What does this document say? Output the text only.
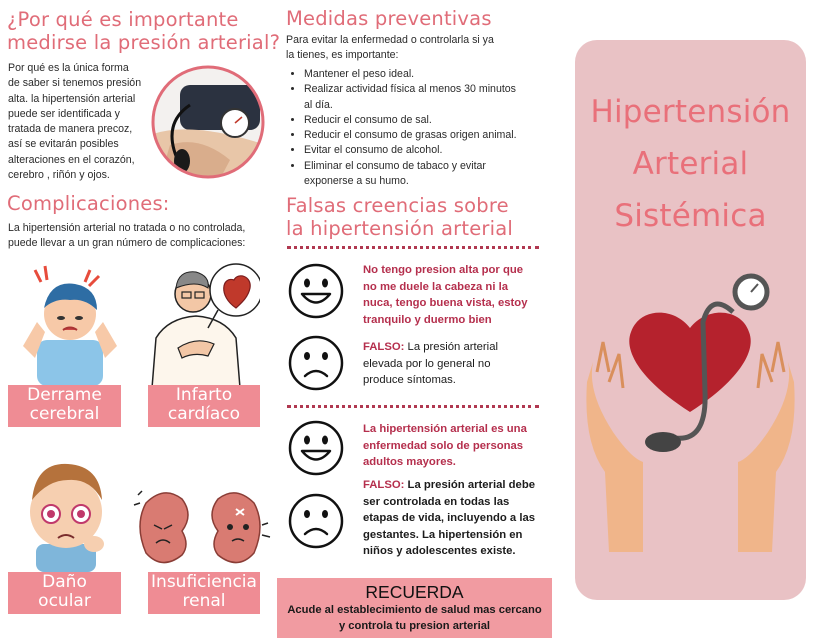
¿Por qué es importante
medirse la presión arterial?
Por qué es la única forma
de saber si tenemos presión
alta. la hipertensión arterial
puede ser identificada y
tratada de manera precoz,
así se evitarán posibles
alteraciones en el corazón,
cerebro , riñón y ojos.
Complicaciones:
La hipertensión arterial no tratada o no controlada,
puede llevar a un gran número de complicaciones:
Derrame
cerebral
Infarto
cardíaco
Daño
ocular
Insuficiencia
renal
Medidas preventivas
Para evitar la enfermedad o controlarla si ya
la tienes, es importante:
• Mantener el peso ideal.
• Realizar actividad física al menos 30 minutos
al día.
• Reducir el consumo de sal.
• Reducir el consumo de grasas origen animal.
• Evitar el consumo de alcohol.
• Eliminar el consumo de tabaco y evitar
exponerse a su humo.
Falsas creencias sobre
la hipertensión arterial
No tengo presion alta por que
no me duele la cabeza ni la
nuca, tengo buena vista, estoy
tranquilo y duermo bien
FALSO: La presión arterial
elevada por lo general no
produce síntomas.
La hipertensión arterial es una
enfermedad solo de personas
adultos mayores.
FALSO: La presión arterial debe
ser controlada en todas las
etapas de vida, incluyendo a las
gestantes. La hipertensión en
niños y adolescentes existe.
RECUERDA
Acude al establecimiento de salud mas cercano
y controla tu presion arterial
Hipertensión
Arterial
Sistémica
